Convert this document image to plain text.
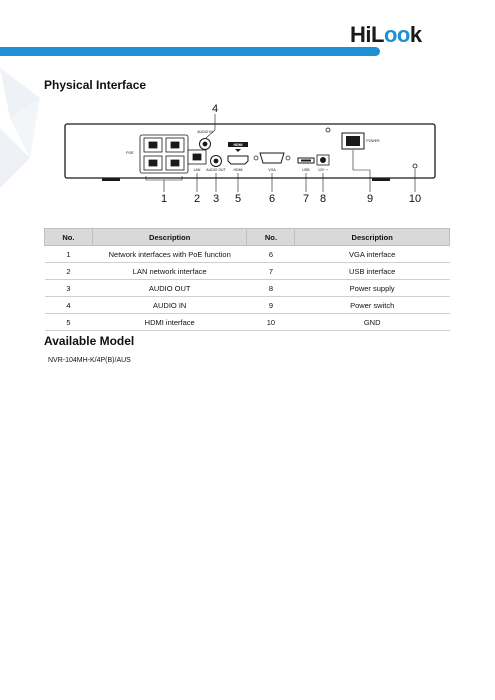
HiLook
Physical Interface
POE
LAN
AUDIO IN
AUDIO OUT
HDMI
HDMI	VGA	USB 12V ⎓
POWER
4
1 2 3 5	6	7 8	9	10
No.	Description	No.	Description
1	Network interfaces with PoE function	6	VGA interface
2	LAN network interface	7	USB interface
3	AUDIO OUT	8	Power supply
4	AUDIO IN	9	Power switch
5	HDMI interface	10	GND
Available Model
NVR-104MH-K/4P(B)/AUS
